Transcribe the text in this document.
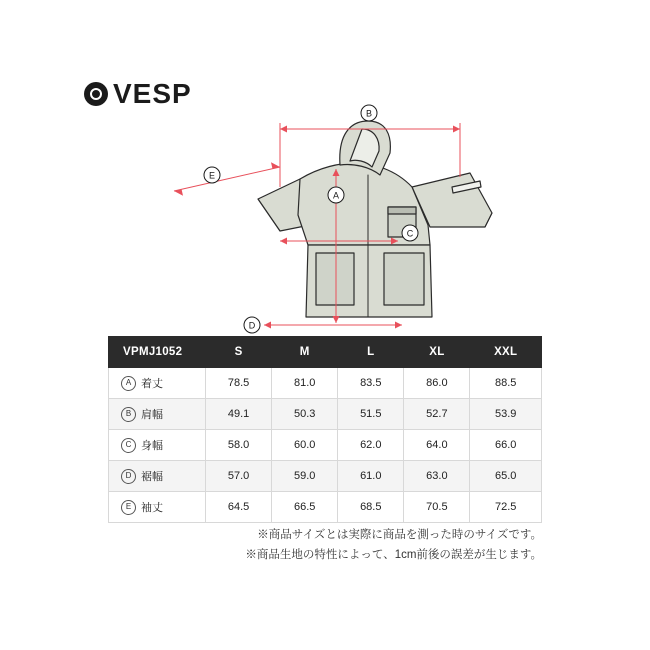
VESP
B
A
C
D
E
VPMJ1052	S	M	L	XL	XXL
A 着丈	78.5	81.0	83.5	86.0	88.5
B 肩幅	49.1	50.3	51.5	52.7	53.9
C 身幅	58.0	60.0	62.0	64.0	66.0
D 裾幅	57.0	59.0	61.0	63.0	65.0
E 袖丈	64.5	66.5	68.5	70.5	72.5
※商品サイズとは実際に商品を測った時のサイズです。
※商品生地の特性によって、1cm前後の誤差が生じます。
